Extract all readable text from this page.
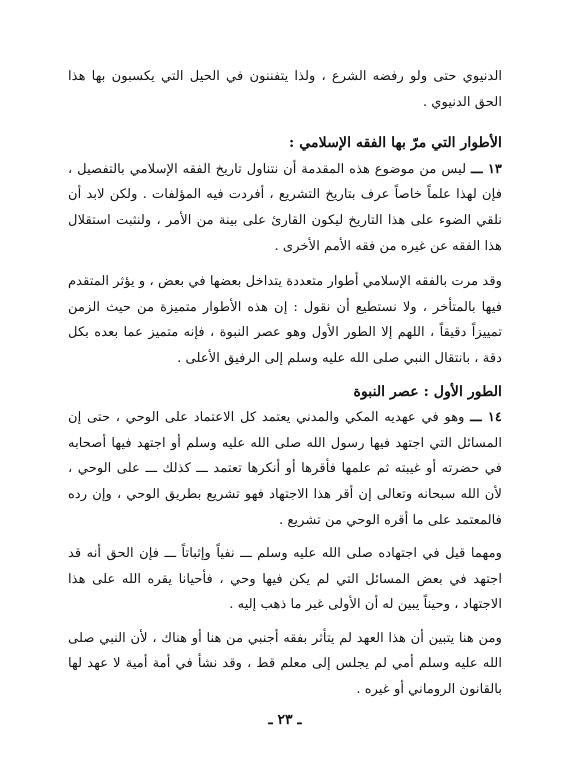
الدنيوي حتى ولو رفضه الشرع ، ولذا يتفننون في الحيل التي يكسبون بها هذا الحق الدنيوي .

الأطوار التي مرّ بها الفقه الإسلامي :

١٣ ـــ ليس من موضوع هذه المقدمة أن نتناول تاريخ الفقه الإسلامي بالتفصيل ، فإن لهذا علماً خاصاً عرف بتاريخ التشريع ، أفردت فيه المؤلفات . ولكن لابد أن نلقي الضوء على هذا التاريخ ليكون القارئ على بينة من الأمر ، ولنثبت استقلال هذا الفقه عن غيره من فقه الأمم الأخرى .

وقد مرت بالفقه الإسلامي أطوار متعددة يتداخل بعضها في بعض ، و يؤثر المتقدم فيها بالمتأخر ، ولا نستطيع أن نقول : إن هذه الأطوار متميزة من حيث الزمن تمييزاً دقيقاً ، اللهم إلا الطور الأول وهو عصر النبوة ، فإنه متميز عما بعده بكل دقة ، بانتقال النبي صلى الله عليه وسلم إلى الرفيق الأعلى .

الطور الأول : عصر النبوة

١٤ ـــ وهو في عهديه المكي والمدني يعتمد كل الاعتماد على الوحي ، حتى إن المسائل التي اجتهد فيها رسول الله صلى الله عليه وسلم أو اجتهد فيها أصحابه في حضرته أو غيبته ثم علمها فأقرها أو أنكرها تعتمد ـــ كذلك ـــ على الوحي ، لأن الله سبحانه وتعالى إن أقر هذا الاجتهاد فهو تشريع بطريق الوحي ، وإن رده فالمعتمد على ما أقره الوحي من تشريع .

ومهما قيل في اجتهاده صلى الله عليه وسلم ـــ نفياً وإثباتاً ـــ فإن الحق أنه قد اجتهد في بعض المسائل التي لم يكن فيها وحي ، فأحيانا يقره الله على هذا الاجتهاد ، وحيناً يبين له أن الأولى غير ما ذهب إليه .

ومن هنا يتبين أن هذا العهد لم يتأثر بفقه أجنبي من هنا أو هناك ، لأن النبي صلى الله عليه وسلم أمي لم يجلس إلى معلم قط ، وقد نشأ في أمة أمية لا عهد لها بالقانون الروماني أو غيره .

ـ ٢٣ ـ
